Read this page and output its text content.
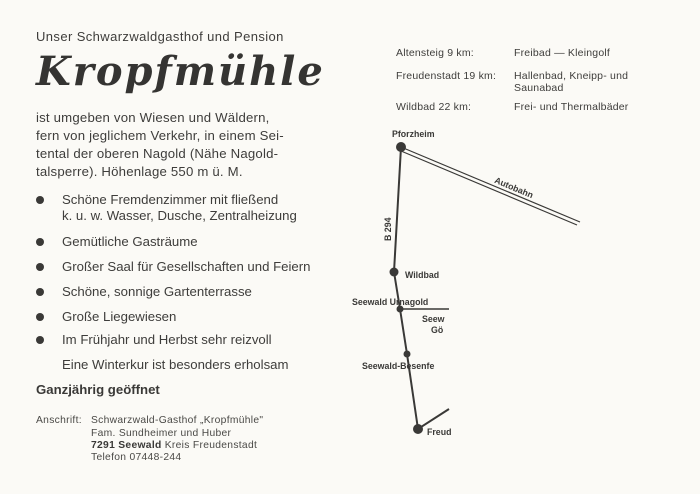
Unser Schwarzwaldgasthof und Pension
Kropfmühle
ist umgeben von Wiesen und Wäldern,
fern von jeglichem Verkehr, in einem Sei-
tental der oberen Nagold (Nähe Nagold-
talsperre). Höhenlage 550 m ü. M.
Schöne Fremdenzimmer mit fließend
k. u. w. Wasser, Dusche, Zentralheizung
Gemütliche Gasträume
Großer Saal für Gesellschaften und Feiern
Schöne, sonnige Gartenterrasse
Große Liegewiesen
Im Frühjahr und Herbst sehr reizvoll
Eine Winterkur ist besonders erholsam
Ganzjährig geöffnet
Anschrift: Schwarzwald-Gasthof „Kropfmühle"
Fam. Sundheimer und Huber
7291 Seewald Kreis Freudenstadt
Telefon 07448-244
Altensteig 9 km:	Freibad — Kleingolf
Freudenstadt 19 km: Hallenbad, Kneipp- und
Saunabad
Wildbad 22 km:	Frei- und Thermalbäder
Pforzheim
Autobahn
B 294
Wildbad
Seewald Urnagold
Seew
Gö
Seewald-Besenfe
Freud
